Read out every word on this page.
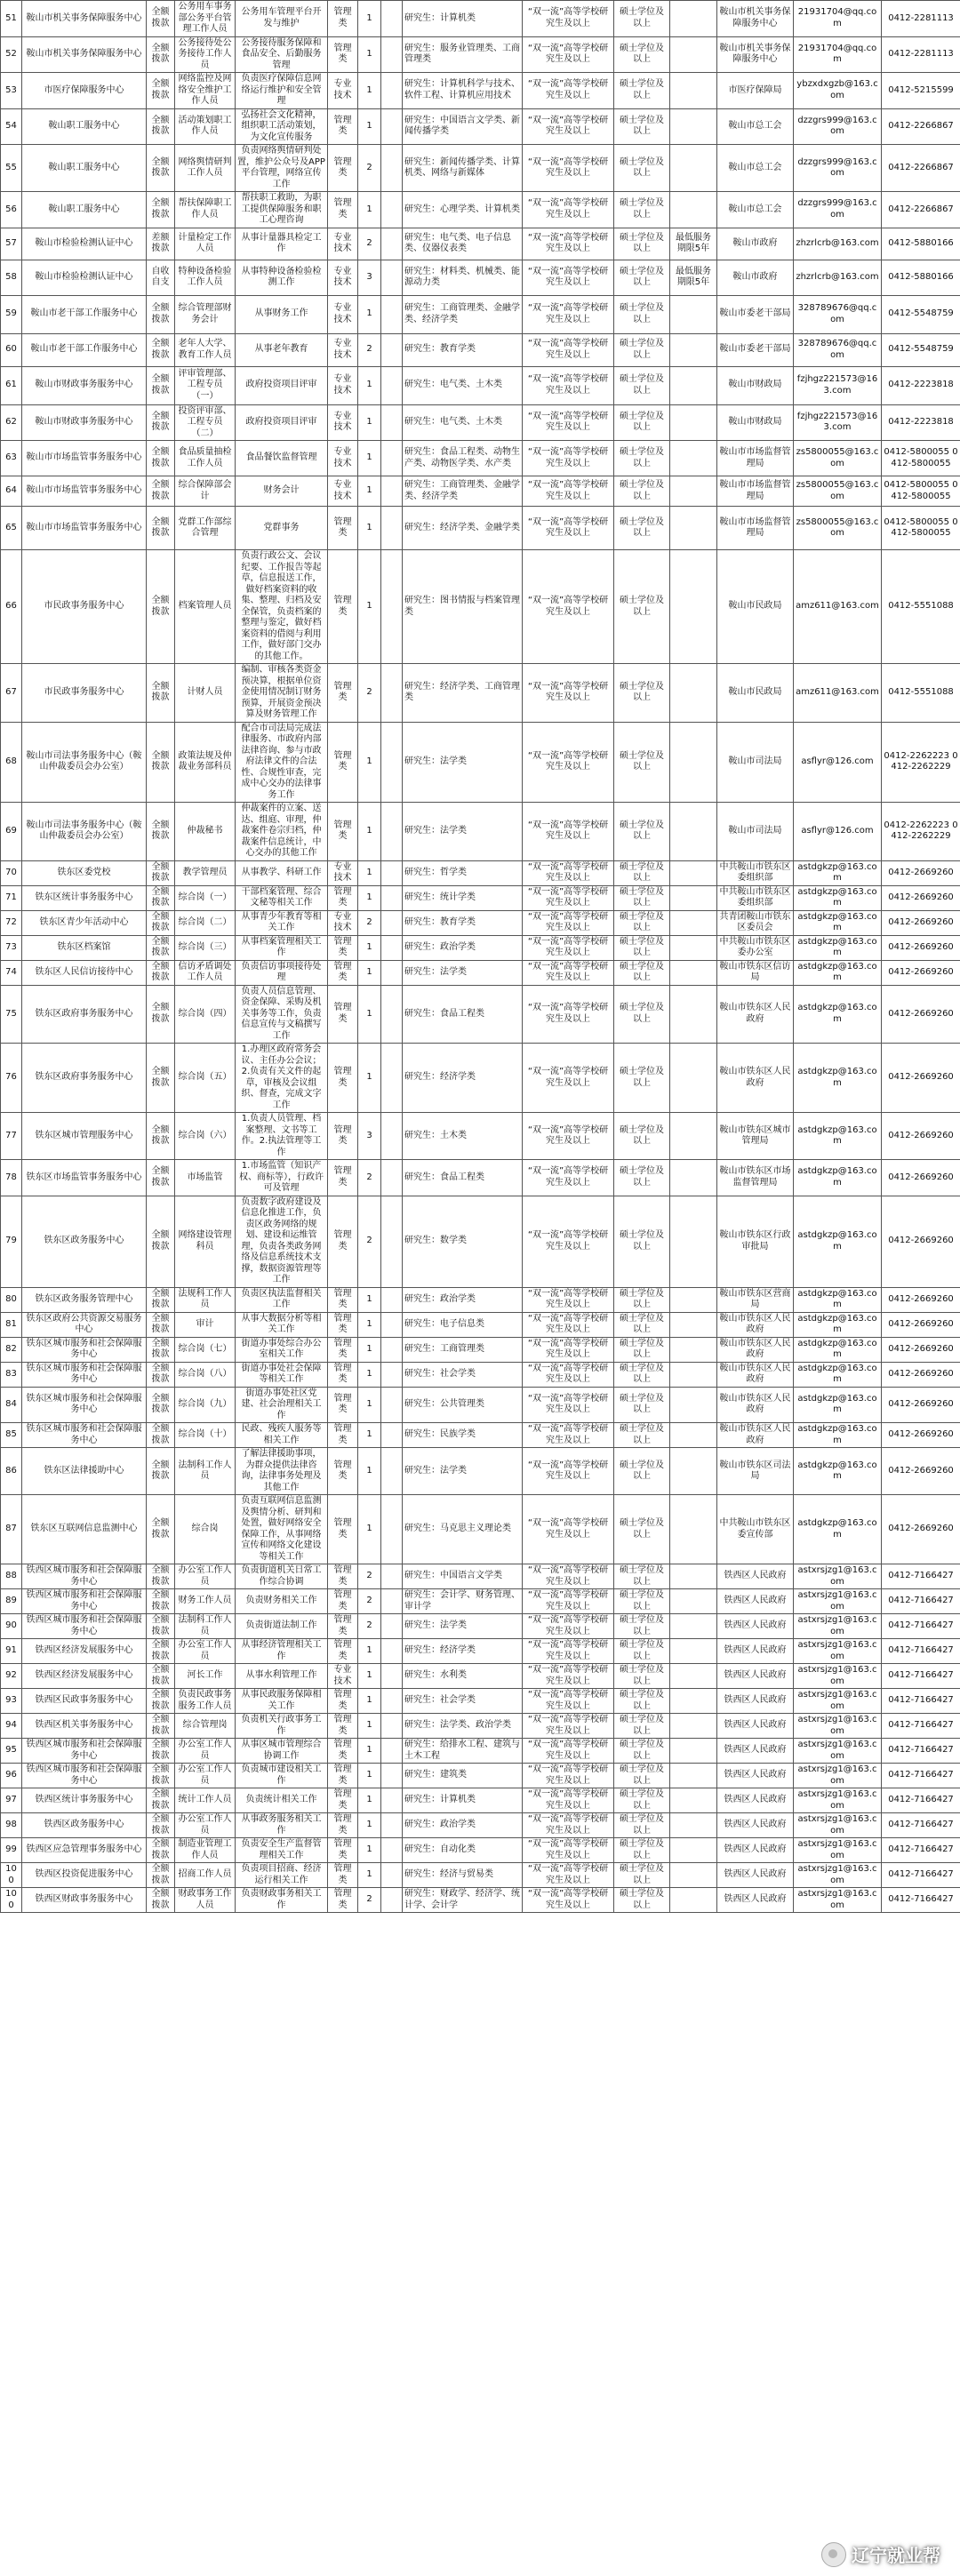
51	鞍山市机关事务保障服务中心	全额拨款	公务用车事务部公务平台管理工作人员	公务用车管理平台开发与维护	管理类	1		研究生：计算机类	“双一流”高等学校研究生及以上	硕士学位及以上		鞍山市机关事务保障服务中心	21931704@qq.com	0412-2281113
52	鞍山市机关事务保障服务中心	全额拨款	公务接待处公务接待工作人员	公务接待服务保障和食品安全、后勤服务管理	管理类	1		研究生：服务业管理类、工商管理类	“双一流”高等学校研究生及以上	硕士学位及以上		鞍山市机关事务保障服务中心	21931704@qq.com	0412-2281113
53	市医疗保障服务中心	全额拨款	网络监控及网络安全维护工作人员	负责医疗保障信息网络运行维护和安全管理	专业技术	1		研究生：计算机科学与技术、软件工程、计算机应用技术	“双一流”高等学校研究生及以上	硕士学位及以上		市医疗保障局	ybzxdxgzb@163.com	0412-5215599
54	鞍山职工服务中心	全额拨款	活动策划职工作人员	弘扬社会文化精神，组织职工活动策划，为文化宣传服务	管理类	1		研究生：中国语言文学类、新闻传播学类	“双一流”高等学校研究生及以上	硕士学位及以上		鞍山市总工会	dzzgrs999@163.com	0412-2266867
55	鞍山职工服务中心	全额拨款	网络舆情研判工作人员	负责网络舆情研判处置，维护公众号及APP平台管理，网络宣传工作	管理类	2		研究生：新闻传播学类、计算机类、网络与新媒体	“双一流”高等学校研究生及以上	硕士学位及以上		鞍山市总工会	dzzgrs999@163.com	0412-2266867
56	鞍山职工服务中心	全额拨款	帮扶保障职工作人员	帮扶职工救助，为职工提供保障服务和职工心理咨询	管理类	1		研究生：心理学类、计算机类	“双一流”高等学校研究生及以上	硕士学位及以上		鞍山市总工会	dzzgrs999@163.com	0412-2266867
57	鞍山市检验检测认证中心	差额拨款	计量检定工作人员	从事计量器具检定工作	专业技术	2		研究生：电气类、电子信息类、仪器仪表类	“双一流”高等学校研究生及以上	硕士学位及以上	最低服务期限5年	鞍山市政府	zhzrlcrb@163.com	0412-5880166
58	鞍山市检验检测认证中心	自收自支	特种设备检验工作人员	从事特种设备检验检测工作	专业技术	3		研究生：材料类、机械类、能源动力类	“双一流”高等学校研究生及以上	硕士学位及以上	最低服务期限5年	鞍山市政府	zhzrlcrb@163.com	0412-5880166
59	鞍山市老干部工作服务中心	全额拨款	综合管理部财务会计	从事财务工作	专业技术	1		研究生：工商管理类、金融学类、经济学类	“双一流”高等学校研究生及以上	硕士学位及以上		鞍山市委老干部局	328789676@qq.com	0412-5548759
60	鞍山市老干部工作服务中心	全额拨款	老年人大学、教育工作人员	从事老年教育	专业技术	2		研究生：教育学类	“双一流”高等学校研究生及以上	硕士学位及以上		鞍山市委老干部局	328789676@qq.com	0412-5548759
61	鞍山市财政事务服务中心	全额拨款	评审管理部、工程专员（一）	政府投资项目评审	专业技术	1		研究生：电气类、土木类	“双一流”高等学校研究生及以上	硕士学位及以上		鞍山市财政局	fzjhgz221573@163.com	0412-2223818
62	鞍山市财政事务服务中心	全额拨款	投资评审部、工程专员（二）	政府投资项目评审	专业技术	1		研究生：电气类、土木类	“双一流”高等学校研究生及以上	硕士学位及以上		鞍山市财政局	fzjhgz221573@163.com	0412-2223818
63	鞍山市市场监管事务服务中心	全额拨款	食品质量抽检工作人员	食品餐饮监督管理	专业技术	1		研究生：食品工程类、动物生产类、动物医学类、水产类	“双一流”高等学校研究生及以上	硕士学位及以上		鞍山市市场监督管理局	zs5800055@163.com	0412-5800055 0412-5800055
64	鞍山市市场监管事务服务中心	全额拨款	综合保障部会计	财务会计	专业技术	1		研究生：工商管理类、金融学类、经济学类	“双一流”高等学校研究生及以上	硕士学位及以上		鞍山市市场监督管理局	zs5800055@163.com	0412-5800055 0412-5800055
65	鞍山市市场监管事务服务中心	全额拨款	党群工作部综合管理	党群事务	管理类	1		研究生：经济学类、金融学类	“双一流”高等学校研究生及以上	硕士学位及以上		鞍山市市场监督管理局	zs5800055@163.com	0412-5800055 0412-5800055
66	市民政事务服务中心	全额拨款	档案管理人员	负责行政公文、会议纪要、工作报告等起草，信息报送工作，做好档案资料的收集、整理、归档及安全保管，负责档案的整理与鉴定，做好档案资料的借阅与利用工作，做好部门交办的其他工作。	管理类	1		研究生：图书情报与档案管理类	“双一流”高等学校研究生及以上	硕士学位及以上		鞍山市民政局	amz611@163.com	0412-5551088
67	市民政事务服务中心	全额拨款	计财人员	编制、审核各类资金预决算，根据单位资金使用情况制订财务预算，开展资金预决算及财务管理工作	管理类	2		研究生：经济学类、工商管理类	“双一流”高等学校研究生及以上	硕士学位及以上		鞍山市民政局	amz611@163.com	0412-5551088
68	鞍山市司法事务服务中心（鞍山仲裁委员会办公室）	全额拨款	政策法规及仲裁业务部科员	配合市司法局完成法律服务、市政府内部法律咨询、参与市政府法律文件的合法性、合规性审查，完成中心交办的法律事务工作	管理类	1		研究生：法学类	“双一流”高等学校研究生及以上	硕士学位及以上		鞍山市司法局	asflyr@126.com	0412-2262223 0412-2262229
69	鞍山市司法事务服务中心（鞍山仲裁委员会办公室）	全额拨款	仲裁秘书	仲裁案件的立案、送达、组庭、审理，仲裁案件卷宗归档，仲裁案件信息统计，中心交办的其他工作	管理类	1		研究生：法学类	“双一流”高等学校研究生及以上	硕士学位及以上		鞍山市司法局	asflyr@126.com	0412-2262223 0412-2262229
70	铁东区委党校	全额拨款	教学管理员	从事教学、科研工作	专业技术	1		研究生：哲学类	“双一流”高等学校研究生及以上	硕士学位及以上		中共鞍山市铁东区委组织部	astdgkzp@163.com	0412-2669260
71	铁东区统计事务服务中心	全额拨款	综合岗（一）	干部档案管理、综合文秘等相关工作	管理类	1		研究生：统计学类	“双一流”高等学校研究生及以上	硕士学位及以上		中共鞍山市铁东区委组织部	astdgkzp@163.com	0412-2669260
72	铁东区青少年活动中心	全额拨款	综合岗（二）	从事青少年教育等相关工作	专业技术	2		研究生：教育学类	“双一流”高等学校研究生及以上	硕士学位及以上		共青团鞍山市铁东区委员会	astdgkzp@163.com	0412-2669260
73	铁东区档案馆	全额拨款	综合岗（三）	从事档案管理相关工作	管理类	1		研究生：政治学类	“双一流”高等学校研究生及以上	硕士学位及以上		中共鞍山市铁东区委办公室	astdgkzp@163.com	0412-2669260
74	铁东区人民信访接待中心	全额拨款	信访矛盾调处工作人员	负责信访事项接待处理	管理类	1		研究生：法学类	“双一流”高等学校研究生及以上	硕士学位及以上		鞍山市铁东区信访局	astdgkzp@163.com	0412-2669260
75	铁东区政府事务服务中心	全额拨款	综合岗（四）	负责人员信息管理、资金保障、采购及机关事务等工作，负责信息宣传与文稿撰写工作	管理类	1		研究生：食品工程类	“双一流”高等学校研究生及以上	硕士学位及以上		鞍山市铁东区人民政府	astdgkzp@163.com	0412-2669260
76	铁东区政府事务服务中心	全额拨款	综合岗（五）	1.办理区政府常务会议、主任办公会议；2.负责有关文件的起草，审核及会议组织、督查，完成文字工作	管理类	1		研究生：经济学类	“双一流”高等学校研究生及以上	硕士学位及以上		鞍山市铁东区人民政府	astdgkzp@163.com	0412-2669260
77	铁东区城市管理服务中心	全额拨款	综合岗（六）	1.负责人员管理、档案整理、文书等工作。2.执法管理等工作	管理类	3		研究生：土木类	“双一流”高等学校研究生及以上	硕士学位及以上		鞍山市铁东区城市管理局	astdgkzp@163.com	0412-2669260
78	铁东区市场监管事务服务中心	全额拨款	市场监管	1.市场监管（知识产权、商标等），行政许可及管理	管理类	2		研究生：食品工程类	“双一流”高等学校研究生及以上	硕士学位及以上		鞍山市铁东区市场监督管理局	astdgkzp@163.com	0412-2669260
79	铁东区政务服务中心	全额拨款	网络建设管理科员	负责数字政府建设及信息化推进工作，负责区政务网络的规划、建设和运维管理，负责各类政务网络及信息系统技术支撑，数据资源管理等工作	管理类	2		研究生：数学类	“双一流”高等学校研究生及以上	硕士学位及以上		鞍山市铁东区行政审批局	astdgkzp@163.com	0412-2669260
80	铁东区政务服务管理中心	全额拨款	法规科工作人员	负责区执法监督相关工作	管理类	1		研究生：政治学类	“双一流”高等学校研究生及以上	硕士学位及以上		鞍山市铁东区营商局	astdgkzp@163.com	0412-2669260
81	铁东区政府公共资源交易服务中心	全额拨款	审计	从事大数据分析等相关工作	管理类	1		研究生：电子信息类	“双一流”高等学校研究生及以上	硕士学位及以上		鞍山市铁东区人民政府	astdgkzp@163.com	0412-2669260
82	铁东区城市服务和社会保障服务中心	全额拨款	综合岗（七）	街道办事处综合办公室相关工作	管理类	1		研究生：工商管理类	“双一流”高等学校研究生及以上	硕士学位及以上		鞍山市铁东区人民政府	astdgkzp@163.com	0412-2669260
83	铁东区城市服务和社会保障服务中心	全额拨款	综合岗（八）	街道办事处社会保障等相关工作	管理类	1		研究生：社会学类	“双一流”高等学校研究生及以上	硕士学位及以上		鞍山市铁东区人民政府	astdgkzp@163.com	0412-2669260
84	铁东区城市服务和社会保障服务中心	全额拨款	综合岗（九）	街道办事处社区党建、社会治理相关工作	管理类	1		研究生：公共管理类	“双一流”高等学校研究生及以上	硕士学位及以上		鞍山市铁东区人民政府	astdgkzp@163.com	0412-2669260
85	铁东区城市服务和社会保障服务中心	全额拨款	综合岗（十）	民政、残疾人服务等相关工作	管理类	1		研究生：民族学类	“双一流”高等学校研究生及以上	硕士学位及以上		鞍山市铁东区人民政府	astdgkzp@163.com	0412-2669260
86	铁东区法律援助中心	全额拨款	法制科工作人员	了解法律援助事项，为群众提供法律咨询，法律事务处理及其他工作	管理类	1		研究生：法学类	“双一流”高等学校研究生及以上	硕士学位及以上		鞍山市铁东区司法局	astdgkzp@163.com	0412-2669260
87	铁东区互联网信息监测中心	全额拨款	综合岗	负责互联网信息监测及舆情分析、研判和处置，做好网络安全保障工作，从事网络宣传和网络文化建设等相关工作	管理类	1		研究生：马克思主义理论类	“双一流”高等学校研究生及以上	硕士学位及以上		中共鞍山市铁东区委宣传部	astdgkzp@163.com	0412-2669260
88	铁西区城市服务和社会保障服务中心	全额拨款	办公室工作人员	负责街道机关日常工作综合协调	管理类	2		研究生：中国语言文学类	“双一流”高等学校研究生及以上	硕士学位及以上		铁西区人民政府	astxrsjzg1@163.com	0412-7166427
89	铁西区城市服务和社会保障服务中心	全额拨款	财务工作人员	负责财务相关工作	管理类	2		研究生：会计学、财务管理、审计学	“双一流”高等学校研究生及以上	硕士学位及以上		铁西区人民政府	astxrsjzg1@163.com	0412-7166427
90	铁西区城市服务和社会保障服务中心	全额拨款	法制科工作人员	负责街道法制工作	管理类	2		研究生：法学类	“双一流”高等学校研究生及以上	硕士学位及以上		铁西区人民政府	astxrsjzg1@163.com	0412-7166427
91	铁西区经济发展服务中心	全额拨款	办公室工作人员	从事经济管理相关工作	管理类	1		研究生：经济学类	“双一流”高等学校研究生及以上	硕士学位及以上		铁西区人民政府	astxrsjzg1@163.com	0412-7166427
92	铁西区经济发展服务中心	全额拨款	河长工作	从事水利管理工作	专业技术	1		研究生：水利类	“双一流”高等学校研究生及以上	硕士学位及以上		铁西区人民政府	astxrsjzg1@163.com	0412-7166427
93	铁西区民政事务服务中心	全额拨款	负责民政事务服务工作人员	从事民政服务保障相关工作	管理类	1		研究生：社会学类	“双一流”高等学校研究生及以上	硕士学位及以上		铁西区人民政府	astxrsjzg1@163.com	0412-7166427
94	铁西区机关事务服务中心	全额拨款	综合管理岗	负责机关行政事务工作	管理类	1		研究生：法学类、政治学类	“双一流”高等学校研究生及以上	硕士学位及以上		铁西区人民政府	astxrsjzg1@163.com	0412-7166427
95	铁西区城市服务和社会保障服务中心	全额拨款	办公室工作人员	从事区城市管理综合协调工作	管理类	1		研究生：给排水工程、建筑与土木工程	“双一流”高等学校研究生及以上	硕士学位及以上		铁西区人民政府	astxrsjzg1@163.com	0412-7166427
96	铁西区城市服务和社会保障服务中心	全额拨款	办公室工作人员	负责城市建设相关工作	管理类	1		研究生：建筑类	“双一流”高等学校研究生及以上	硕士学位及以上		铁西区人民政府	astxrsjzg1@163.com	0412-7166427
97	铁西区统计事务服务中心	全额拨款	统计工作人员	负责统计相关工作	管理类	1		研究生：计算机类	“双一流”高等学校研究生及以上	硕士学位及以上		铁西区人民政府	astxrsjzg1@163.com	0412-7166427
98	铁西区政务服务中心	全额拨款	办公室工作人员	从事政务服务相关工作	管理类	1		研究生：政治学类	“双一流”高等学校研究生及以上	硕士学位及以上		铁西区人民政府	astxrsjzg1@163.com	0412-7166427
99	铁西区应急管理事务服务中心	全额拨款	制造业管理工作人员	负责安全生产监督管理相关工作	管理类	1		研究生：自动化类	“双一流”高等学校研究生及以上	硕士学位及以上		铁西区人民政府	astxrsjzg1@163.com	0412-7166427
100	铁西区投资促进服务中心	全额拨款	招商工作人员	负责项目招商、经济运行相关工作	管理类	1		研究生：经济与贸易类	“双一流”高等学校研究生及以上	硕士学位及以上		铁西区人民政府	astxrsjzg1@163.com	0412-7166427
100	铁西区财政事务服务中心	全额拨款	财政事务工作人员	负责财政事务相关工作	管理类	2		研究生：财政学、经济学、统计学、会计学	“双一流”高等学校研究生及以上	硕士学位及以上		铁西区人民政府	astxrsjzg1@163.com	0412-7166427
辽宁就业帮
